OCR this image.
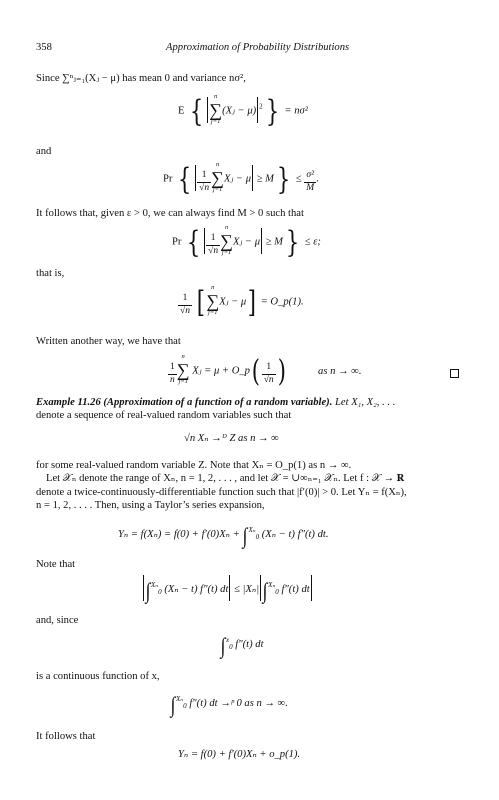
358	Approximation of Probability Distributions
Since ∑ⁿⱼ₌₁(Xⱼ − μ) has mean 0 and variance nσ²,
E {	n
∑
j=1
(Xⱼ − μ) $^2$} = nσ²
and
Pr { $\frac{1}{√n}$
n
∑
j=1
Xⱼ − $\mu \ge M\} \le \frac{\text{σ²}}{M}$ .
It follows that, given ε > 0, we can always find M > 0 such that
Pr { $\frac{1}{√n}$
n
∑
j=1
Xⱼ − μ ≥ M} ≤ ε;
that is,
$\frac{1}{√n}$ [	n
∑
j=1
Xⱼ − μ] = O_p(1).
Written another way, we have that
$\frac{1}{n}$
n
∑
j=1
Xⱼ = μ + O_p( $\frac{1}{√n}$ )	as n → ∞.
Example 11.26 (Approximation of a function of a random variable). Let X₁, X₂, . . .
denote a sequence of real-valued random variables such that
√n Xₙ →ᴰ Z as n → ∞
for some real-valued random variable Z. Note that Xₙ = O_p(1) as n → ∞.
Let 𝒳ₙ denote the range of Xₙ, n = 1, 2, . . . , and let 𝒳 = ∪∞ₙ₌₁ 𝒳ₙ. Let f : 𝒳 → 𝐑
denote a twice-continuously-differentiable function such that |f′(0)| > 0. Let Yₙ = f(Xₙ),
n = 1, 2, . . . . Then, using a Taylor’s series expansion,
Yₙ = f(Xₙ) = f(0) + f′(0)Xₙ + ∫$^{X_n}_0$ (Xₙ − t) f″(t) dt.
Note that
∫$^{X_n}_0$ (Xₙ − t) f″(t) dt ≤ |Xₙ| ∫$^{X_n}_0$ f″(t) dt
and, since
∫$^x_0$ f″(t) dt
is a continuous function of x,
∫$^{X_n}_0$ f″(t) dt →ᵖ 0 as n → ∞.
It follows that
Yₙ = f(0) + f′(0)Xₙ + o_p(1).
